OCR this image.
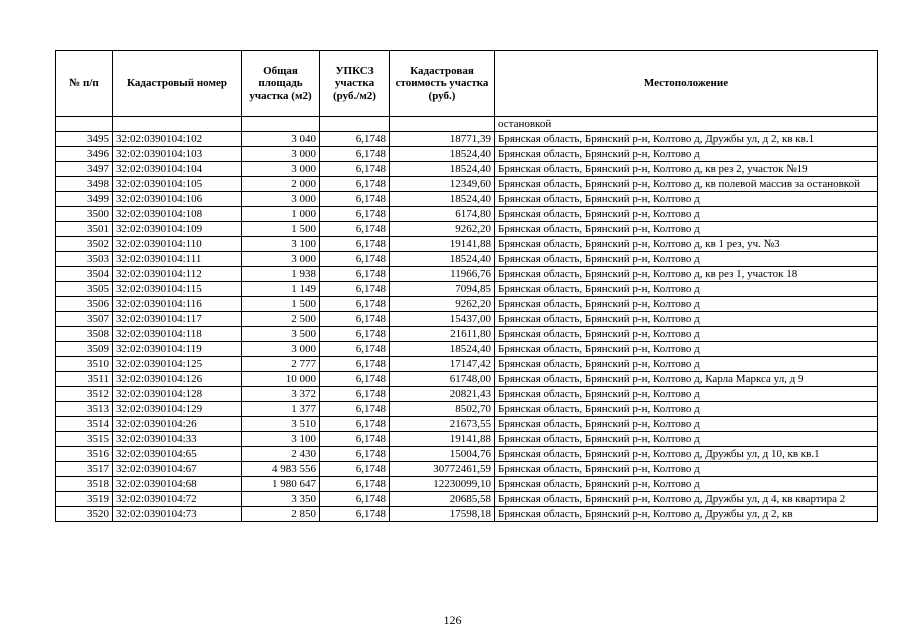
№ п/п	Кадастровый номер	Общая площадь участка (м2)	УПКСЗ участка (руб./м2)	Кадастровая стоимость участка (руб.)	Местоположение
					остановкой
3495	32:02:0390104:102	3 040	6,1748	18771,39	Брянская область, Брянский р-н, Колтово д, Дружбы ул, д 2, кв кв.1
3496	32:02:0390104:103	3 000	6,1748	18524,40	Брянская область, Брянский р-н, Колтово д
3497	32:02:0390104:104	3 000	6,1748	18524,40	Брянская область, Брянский р-н, Колтово д, кв рез 2, участок №19
3498	32:02:0390104:105	2 000	6,1748	12349,60	Брянская область, Брянский р-н, Колтово д, кв полевой массив за остановкой
3499	32:02:0390104:106	3 000	6,1748	18524,40	Брянская область, Брянский р-н, Колтово д
3500	32:02:0390104:108	1 000	6,1748	6174,80	Брянская область, Брянский р-н, Колтово д
3501	32:02:0390104:109	1 500	6,1748	9262,20	Брянская область, Брянский р-н, Колтово д
3502	32:02:0390104:110	3 100	6,1748	19141,88	Брянская область, Брянский р-н, Колтово д, кв 1 рез, уч. №3
3503	32:02:0390104:111	3 000	6,1748	18524,40	Брянская область, Брянский р-н, Колтово д
3504	32:02:0390104:112	1 938	6,1748	11966,76	Брянская область, Брянский р-н, Колтово д, кв рез 1, участок 18
3505	32:02:0390104:115	1 149	6,1748	7094,85	Брянская область, Брянский р-н, Колтово д
3506	32:02:0390104:116	1 500	6,1748	9262,20	Брянская область, Брянский р-н, Колтово д
3507	32:02:0390104:117	2 500	6,1748	15437,00	Брянская область, Брянский р-н, Колтово д
3508	32:02:0390104:118	3 500	6,1748	21611,80	Брянская область, Брянский р-н, Колтово д
3509	32:02:0390104:119	3 000	6,1748	18524,40	Брянская область, Брянский р-н, Колтово д
3510	32:02:0390104:125	2 777	6,1748	17147,42	Брянская область, Брянский р-н, Колтово д
3511	32:02:0390104:126	10 000	6,1748	61748,00	Брянская область, Брянский р-н, Колтово д, Карла Маркса ул, д 9
3512	32:02:0390104:128	3 372	6,1748	20821,43	Брянская область, Брянский р-н, Колтово д
3513	32:02:0390104:129	1 377	6,1748	8502,70	Брянская область, Брянский р-н, Колтово д
3514	32:02:0390104:26	3 510	6,1748	21673,55	Брянская область, Брянский р-н, Колтово д
3515	32:02:0390104:33	3 100	6,1748	19141,88	Брянская область, Брянский р-н, Колтово д
3516	32:02:0390104:65	2 430	6,1748	15004,76	Брянская область, Брянский р-н, Колтово д, Дружбы ул, д 10, кв кв.1
3517	32:02:0390104:67	4 983 556	6,1748	30772461,59	Брянская область, Брянский р-н, Колтово д
3518	32:02:0390104:68	1 980 647	6,1748	12230099,10	Брянская область, Брянский р-н, Колтово д
3519	32:02:0390104:72	3 350	6,1748	20685,58	Брянская область, Брянский р-н, Колтово д, Дружбы ул, д 4, кв квартира 2
3520	32:02:0390104:73	2 850	6,1748	17598,18	Брянская область, Брянский р-н, Колтово д, Дружбы ул, д 2, кв
126
